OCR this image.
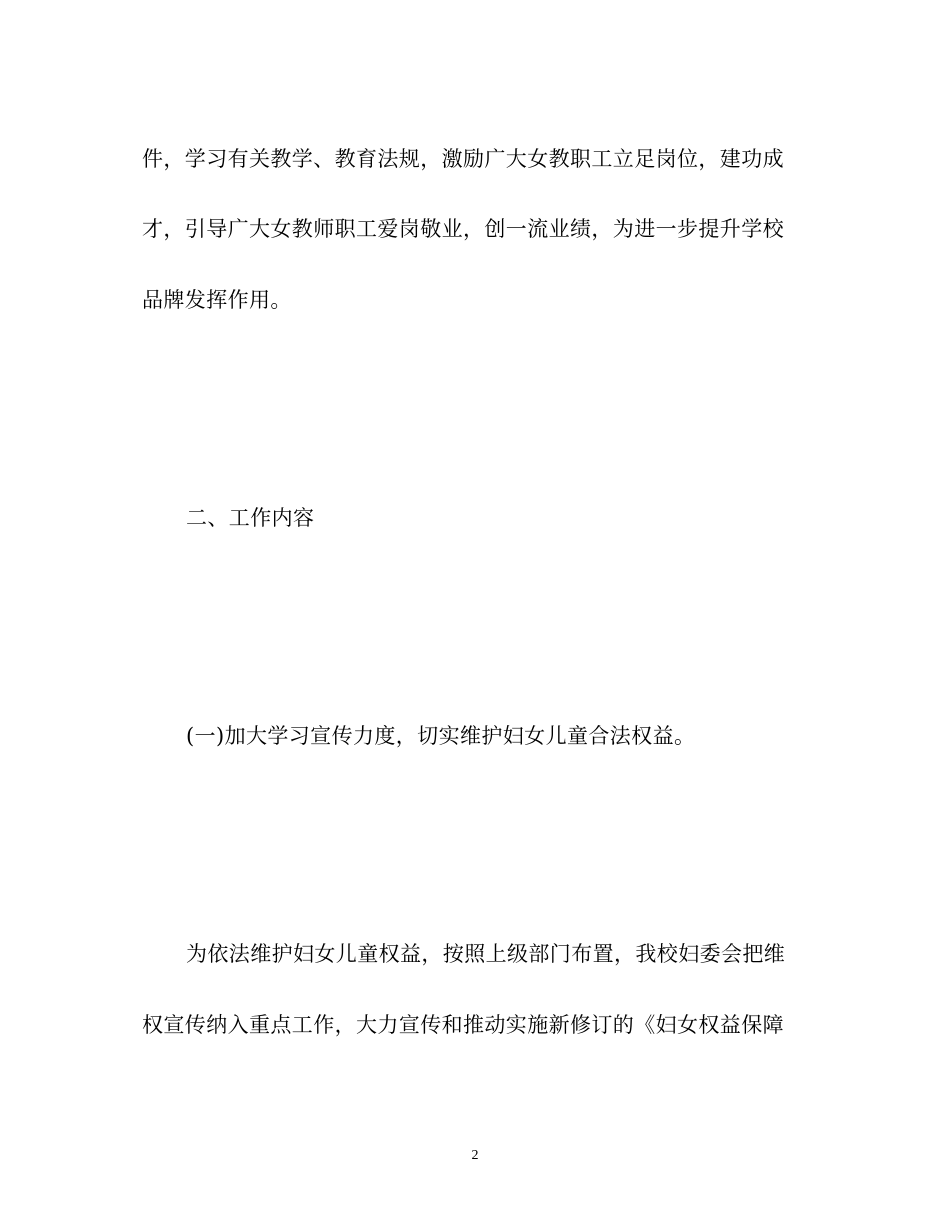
件，学习有关教学、教育法规，激励广大女教职工立足岗位，建功成
才，引导广大女教师职工爱岗敬业，创一流业绩，为进一步提升学校
品牌发挥作用。
二、工作内容
(一)加大学习宣传力度，切实维护妇女儿童合法权益。
为依法维护妇女儿童权益，按照上级部门布置，我校妇委会把维
权宣传纳入重点工作，大力宣传和推动实施新修订的《妇女权益保障
2
